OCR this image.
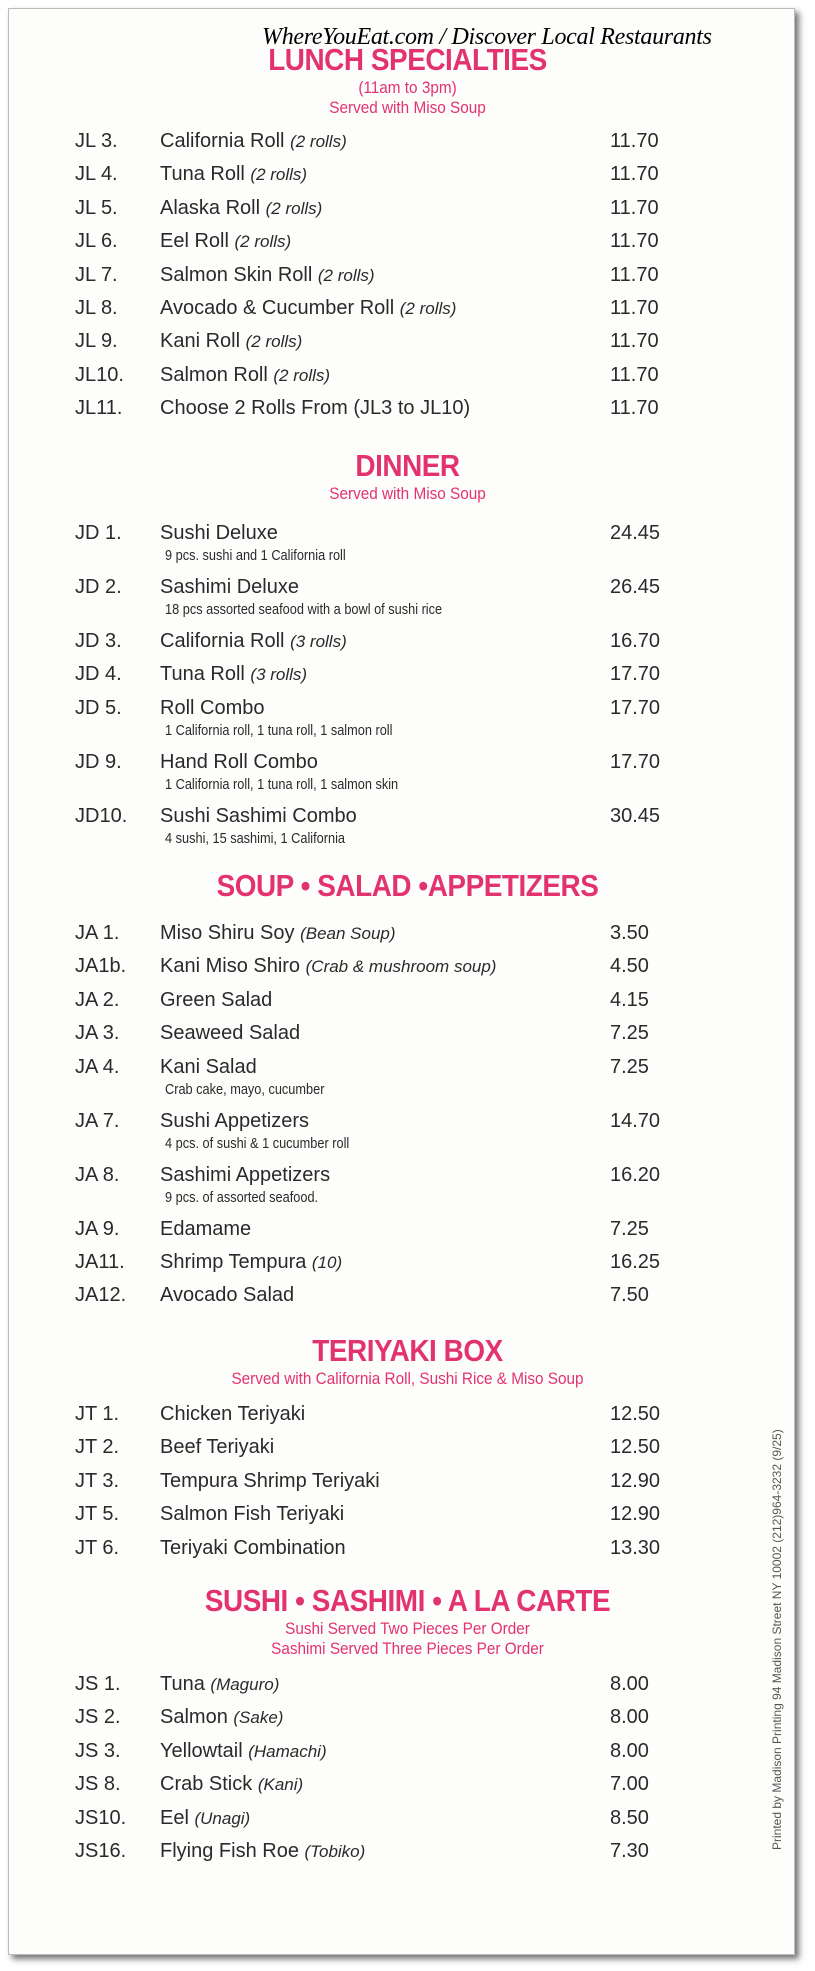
WhereYouEat.com / Discover Local Restaurants
Printed by Madison Printing 94 Madison Street NY 10002 (212)964-3232 (9/25)
LUNCH SPECIALTIES
(11am to 3pm)
Served with Miso Soup
JL 3. California Roll (2 rolls)	11.70
JL 4. Tuna Roll (2 rolls)	11.70
JL 5. Alaska Roll (2 rolls)	11.70
JL 6. Eel Roll (2 rolls)	11.70
JL 7. Salmon Skin Roll (2 rolls)	11.70
JL 8. Avocado & Cucumber Roll (2 rolls)	11.70
JL 9. Kani Roll (2 rolls)	11.70
JL10. Salmon Roll (2 rolls)	11.70
JL11. Choose 2 Rolls From (JL3 to JL10)	11.70
DINNER
Served with Miso Soup
JD 1. Sushi Deluxe	24.45
9 pcs. sushi and 1 California roll
JD 2. Sashimi Deluxe	26.45
18 pcs assorted seafood with a bowl of sushi rice
JD 3. California Roll (3 rolls)	16.70
JD 4. Tuna Roll (3 rolls)	17.70
JD 5. Roll Combo	17.70
1 California roll, 1 tuna roll, 1 salmon roll
JD 9. Hand Roll Combo	17.70
1 California roll, 1 tuna roll, 1 salmon skin
JD10. Sushi Sashimi Combo	30.45
4 sushi, 15 sashimi, 1 California
SOUP • SALAD •APPETIZERS
JA 1. Miso Shiru Soy (Bean Soup)	3.50
JA1b. Kani Miso Shiro (Crab & mushroom soup)	4.50
JA 2. Green Salad	4.15
JA 3. Seaweed Salad	7.25
JA 4. Kani Salad	7.25
Crab cake, mayo, cucumber
JA 7. Sushi Appetizers	14.70
4 pcs. of sushi & 1 cucumber roll
JA 8. Sashimi Appetizers	16.20
9 pcs. of assorted seafood.
JA 9. Edamame	7.25
JA11. Shrimp Tempura (10)	16.25
JA12. Avocado Salad	7.50
TERIYAKI BOX
Served with California Roll, Sushi Rice & Miso Soup
JT 1. Chicken Teriyaki	12.50
JT 2. Beef Teriyaki	12.50
JT 3. Tempura Shrimp Teriyaki	12.90
JT 5. Salmon Fish Teriyaki	12.90
JT 6. Teriyaki Combination	13.30
SUSHI • SASHIMI • A LA CARTE
Sushi Served Two Pieces Per Order
Sashimi Served Three Pieces Per Order
JS 1. Tuna (Maguro)	8.00
JS 2. Salmon (Sake)	8.00
JS 3. Yellowtail (Hamachi)	8.00
JS 8. Crab Stick (Kani)	7.00
JS10. Eel (Unagi)	8.50
JS16. Flying Fish Roe (Tobiko)	7.30
